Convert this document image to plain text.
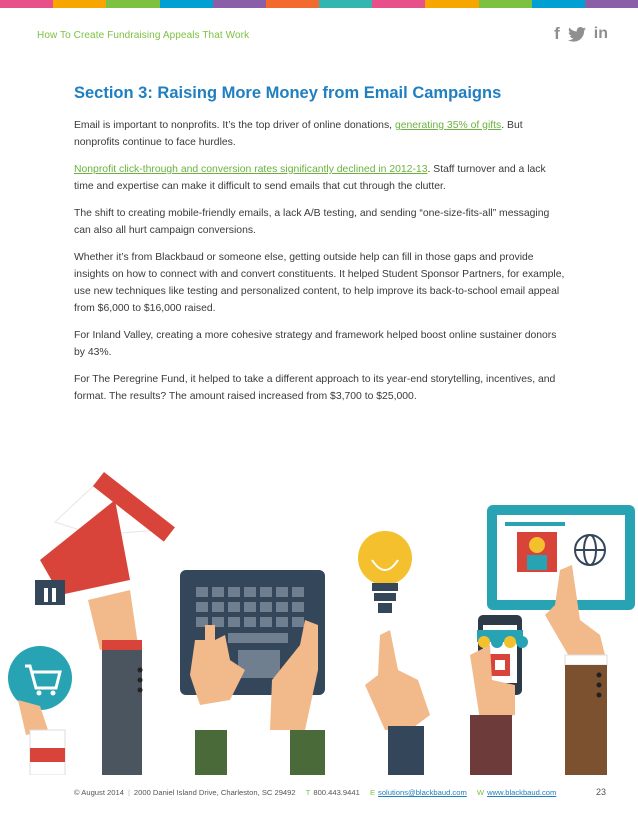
How To Create Fundraising Appeals That Work	f in
Section 3: Raising More Money from Email Campaigns

Email is important to nonprofits. It’s the top driver of online donations, generating 35% of gifts. But nonprofits continue to face hurdles.

Nonprofit click-through and conversion rates significantly declined in 2012-13. Staff turnover and a lack time and expertise can make it difficult to send emails that cut through the clutter.

The shift to creating mobile-friendly emails, a lack A/B testing, and sending “one-size-fits-all” messaging can also all hurt campaign conversions.

Whether it’s from Blackbaud or someone else, getting outside help can fill in those gaps and provide insights on how to connect with and convert constituents. It helped Student Sponsor Partners, for example, use new techniques like testing and personalized content, to help improve its back-to-school email appeal from $6,000 to $16,000 raised.

For Inland Valley, creating a more cohesive strategy and framework helped boost online sustainer donors by 43%.

For The Peregrine Fund, it helped to take a different approach to its year-end storytelling, incentives, and format. The results? The amount raised increased from $3,700 to $25,000.

© August 2014 | 2000 Daniel Island Drive, Charleston, SC 29492 T 800.443.9441 E solutions@blackbaud.com W www.blackbaud.com	23
